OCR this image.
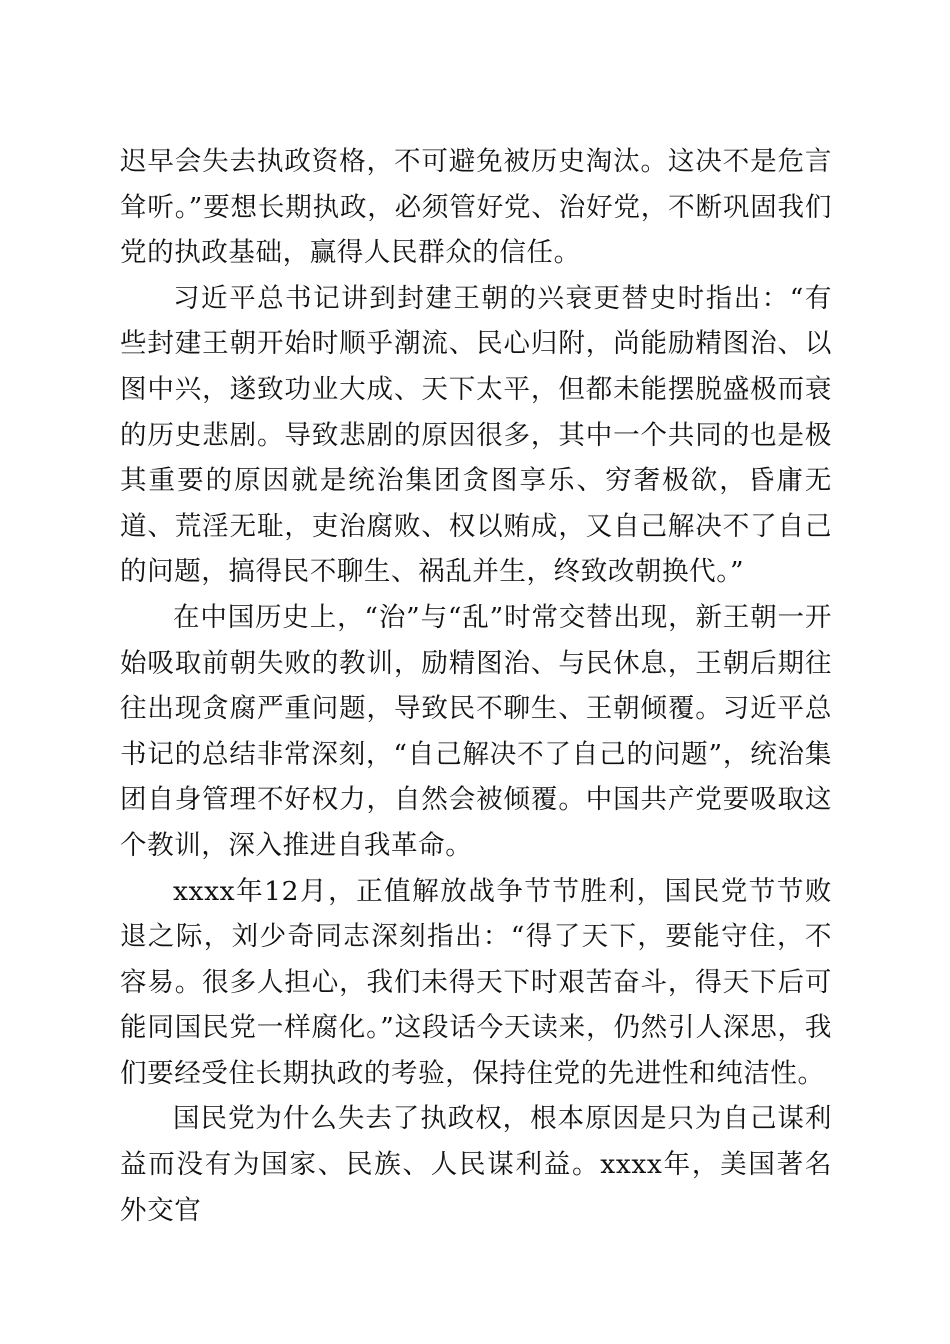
迟早会失去执政资格，不可避免被历史淘汰。这决不是危言耸听。”要想长期执政，必须管好党、治好党，不断巩固我们党的执政基础，赢得人民群众的信任。

习近平总书记讲到封建王朝的兴衰更替史时指出：“有些封建王朝开始时顺乎潮流、民心归附，尚能励精图治、以图中兴，遂致功业大成、天下太平，但都未能摆脱盛极而衰的历史悲剧。导致悲剧的原因很多，其中一个共同的也是极其重要的原因就是统治集团贪图享乐、穷奢极欲，昏庸无道、荒淫无耻，吏治腐败、权以贿成，又自己解决不了自己的问题，搞得民不聊生、祸乱并生，终致改朝换代。”

在中国历史上，“治”与“乱”时常交替出现，新王朝一开始吸取前朝失败的教训，励精图治、与民休息，王朝后期往往出现贪腐严重问题，导致民不聊生、王朝倾覆。习近平总书记的总结非常深刻，“自己解决不了自己的问题”，统治集团自身管理不好权力，自然会被倾覆。中国共产党要吸取这个教训，深入推进自我革命。

xxxx年12月，正值解放战争节节胜利，国民党节节败退之际，刘少奇同志深刻指出：“得了天下，要能守住，不容易。很多人担心，我们未得天下时艰苦奋斗，得天下后可能同国民党一样腐化。”这段话今天读来，仍然引人深思，我们要经受住长期执政的考验，保持住党的先进性和纯洁性。

国民党为什么失去了执政权，根本原因是只为自己谋利益而没有为国家、民族、人民谋利益。xxxx年，美国著名外交官
